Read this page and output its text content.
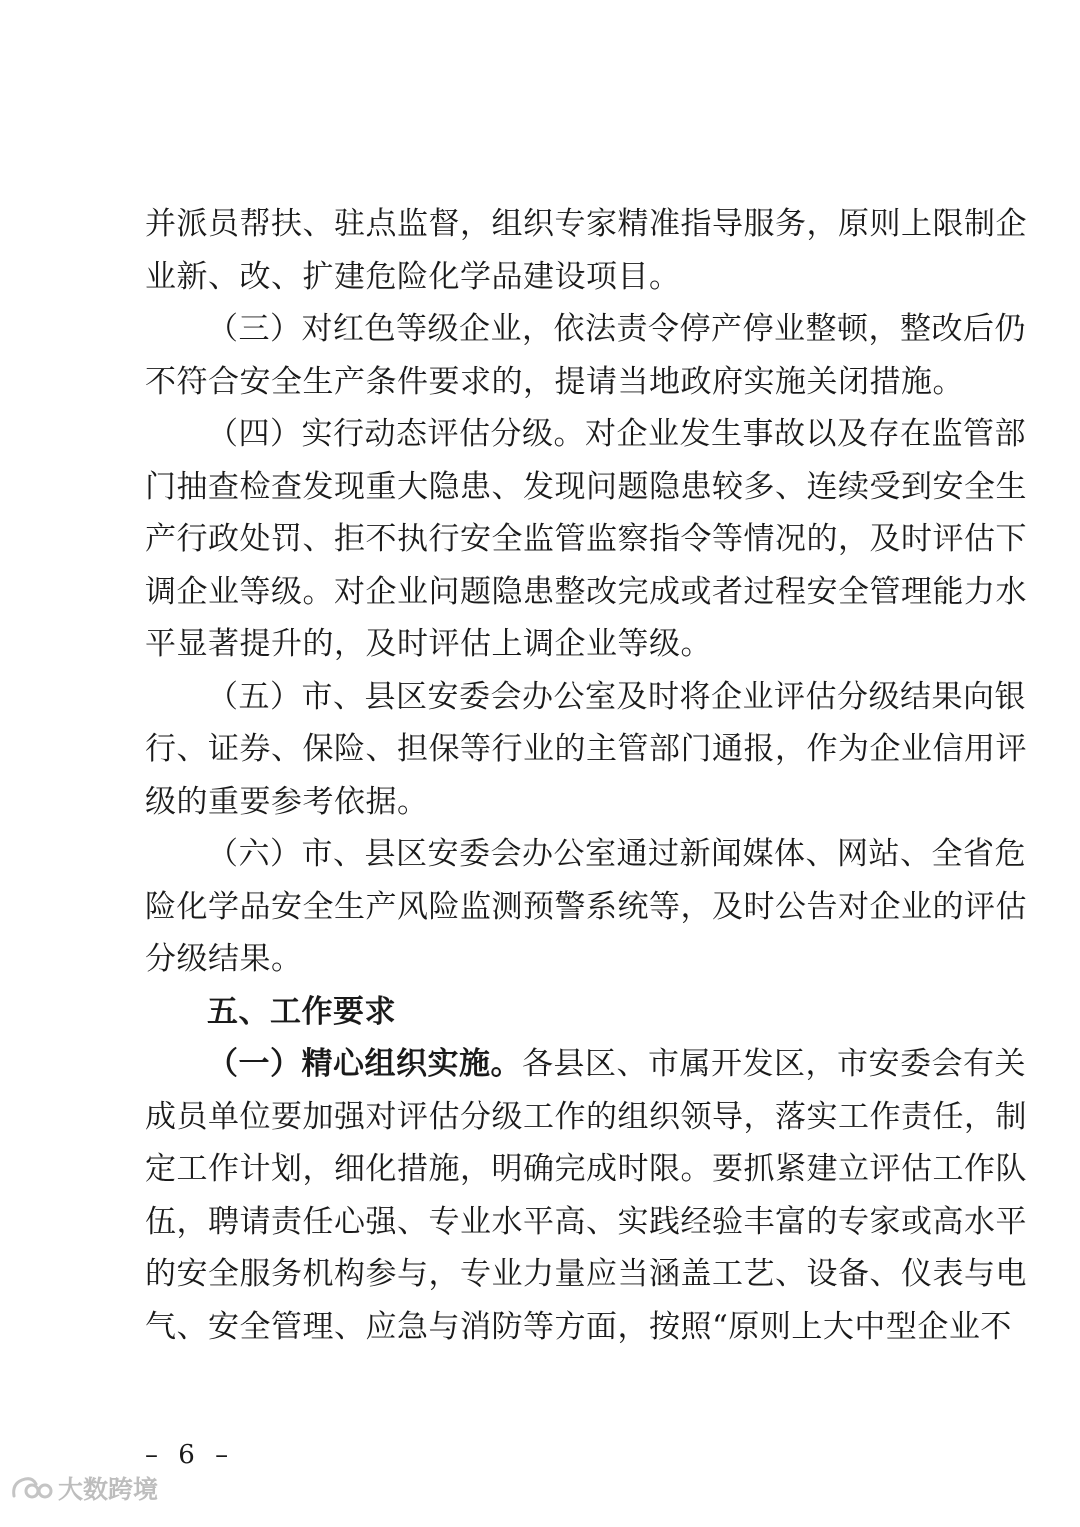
并派员帮扶、驻点监督，组织专家精准指导服务，原则上限制企
业新、改、扩建危险化学品建设项目。
（三）对红色等级企业，依法责令停产停业整顿，整改后仍
不符合安全生产条件要求的，提请当地政府实施关闭措施。
（四）实行动态评估分级。对企业发生事故以及存在监管部
门抽查检查发现重大隐患、发现问题隐患较多、连续受到安全生
产行政处罚、拒不执行安全监管监察指令等情况的，及时评估下
调企业等级。对企业问题隐患整改完成或者过程安全管理能力水
平显著提升的，及时评估上调企业等级。
（五）市、县区安委会办公室及时将企业评估分级结果向银
行、证券、保险、担保等行业的主管部门通报，作为企业信用评
级的重要参考依据。
（六）市、县区安委会办公室通过新闻媒体、网站、全省危
险化学品安全生产风险监测预警系统等，及时公告对企业的评估
分级结果。
五、工作要求
（一）精心组织实施。各县区、市属开发区，市安委会有关
成员单位要加强对评估分级工作的组织领导，落实工作责任，制
定工作计划，细化措施，明确完成时限。要抓紧建立评估工作队
伍，聘请责任心强、专业水平高、实践经验丰富的专家或高水平
的安全服务机构参与，专业力量应当涵盖工艺、设备、仪表与电
气、安全管理、应急与消防等方面，按照“原则上大中型企业不
– 6 –
大数跨境
